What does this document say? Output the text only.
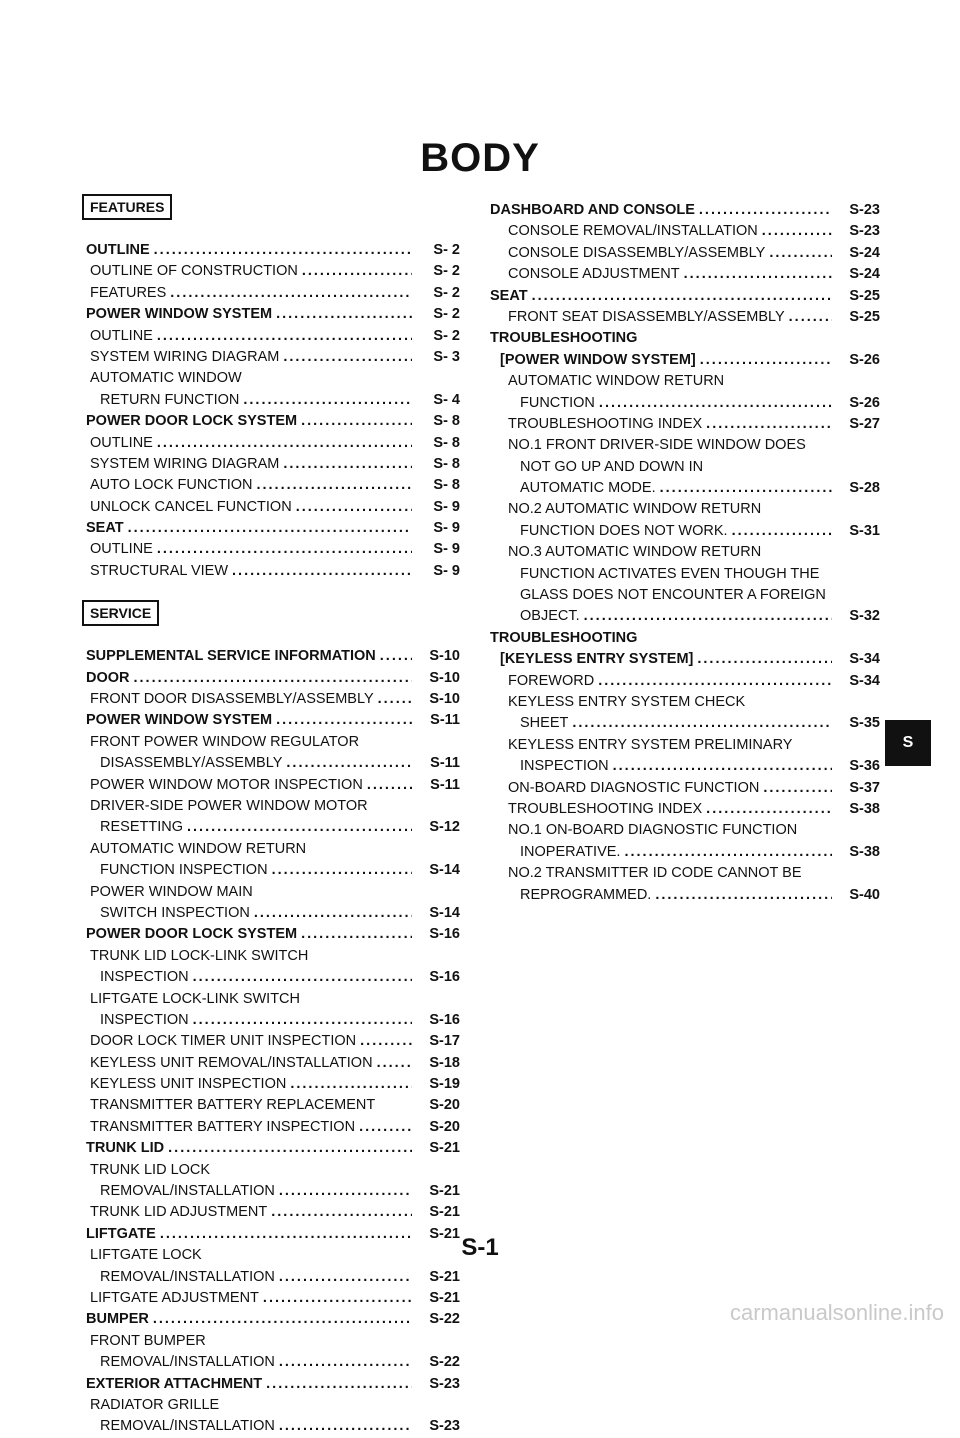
BODY
FEATURES
OUTLINE .....	S- 2
OUTLINE OF CONSTRUCTION .....	S- 2
FEATURES .....	S- 2
POWER WINDOW SYSTEM .....	S- 2
OUTLINE .....	S- 2
SYSTEM WIRING DIAGRAM .....	S- 3
AUTOMATIC WINDOW
RETURN FUNCTION .....	S- 4
POWER DOOR LOCK SYSTEM .....	S- 8
OUTLINE .....	S- 8
SYSTEM WIRING DIAGRAM .....	S- 8
AUTO LOCK FUNCTION .....	S- 8
UNLOCK CANCEL FUNCTION .....	S- 9
SEAT .....	S- 9
OUTLINE .....	S- 9
STRUCTURAL VIEW .....	S- 9
SERVICE
SUPPLEMENTAL SERVICE INFORMATION .....	S-10
DOOR .....	S-10
FRONT DOOR DISASSEMBLY/ASSEMBLY .....	S-10
POWER WINDOW SYSTEM .....	S-11
FRONT POWER WINDOW REGULATOR
DISASSEMBLY/ASSEMBLY .....	S-11
POWER WINDOW MOTOR INSPECTION .....	S-11
DRIVER-SIDE POWER WINDOW MOTOR
RESETTING .....	S-12
AUTOMATIC WINDOW RETURN
FUNCTION INSPECTION .....	S-14
POWER WINDOW MAIN
SWITCH INSPECTION .....	S-14
POWER DOOR LOCK SYSTEM .....	S-16
TRUNK LID LOCK-LINK SWITCH
INSPECTION .....	S-16
LIFTGATE LOCK-LINK SWITCH
INSPECTION .....	S-16
DOOR LOCK TIMER UNIT INSPECTION .....	S-17
KEYLESS UNIT REMOVAL/INSTALLATION .....	S-18
KEYLESS UNIT INSPECTION .....	S-19
TRANSMITTER BATTERY REPLACEMENT	S-20
TRANSMITTER BATTERY INSPECTION .....	S-20
TRUNK LID .....	S-21
TRUNK LID LOCK
REMOVAL/INSTALLATION .....	S-21
TRUNK LID ADJUSTMENT .....	S-21
LIFTGATE .....	S-21
LIFTGATE LOCK
REMOVAL/INSTALLATION .....	S-21
LIFTGATE ADJUSTMENT .....	S-21
BUMPER .....	S-22
FRONT BUMPER
REMOVAL/INSTALLATION .....	S-22
EXTERIOR ATTACHMENT .....	S-23
RADIATOR GRILLE
REMOVAL/INSTALLATION .....	S-23
DASHBOARD AND CONSOLE .....	S-23
CONSOLE REMOVAL/INSTALLATION .....	S-23
CONSOLE DISASSEMBLY/ASSEMBLY .....	S-24
CONSOLE ADJUSTMENT .....	S-24
SEAT .....	S-25
FRONT SEAT DISASSEMBLY/ASSEMBLY .....	S-25
TROUBLESHOOTING
[POWER WINDOW SYSTEM] .....	S-26
AUTOMATIC WINDOW RETURN
FUNCTION .....	S-26
TROUBLESHOOTING INDEX .....	S-27
NO.1 FRONT DRIVER-SIDE WINDOW DOES
NOT GO UP AND DOWN IN
AUTOMATIC MODE. .....	S-28
NO.2 AUTOMATIC WINDOW RETURN
FUNCTION DOES NOT WORK. .....	S-31
NO.3 AUTOMATIC WINDOW RETURN
FUNCTION ACTIVATES EVEN THOUGH THE
GLASS DOES NOT ENCOUNTER A FOREIGN
OBJECT. .....	S-32
TROUBLESHOOTING
[KEYLESS ENTRY SYSTEM] .....	S-34
FOREWORD .....	S-34
KEYLESS ENTRY SYSTEM CHECK
SHEET .....	S-35
KEYLESS ENTRY SYSTEM PRELIMINARY
INSPECTION .....	S-36
ON-BOARD DIAGNOSTIC FUNCTION .....	S-37
TROUBLESHOOTING INDEX .....	S-38
NO.1 ON-BOARD DIAGNOSTIC FUNCTION
INOPERATIVE. .....	S-38
NO.2 TRANSMITTER ID CODE CANNOT BE
REPROGRAMMED. .....	S-40
S
S-1
carmanualsonline.info
